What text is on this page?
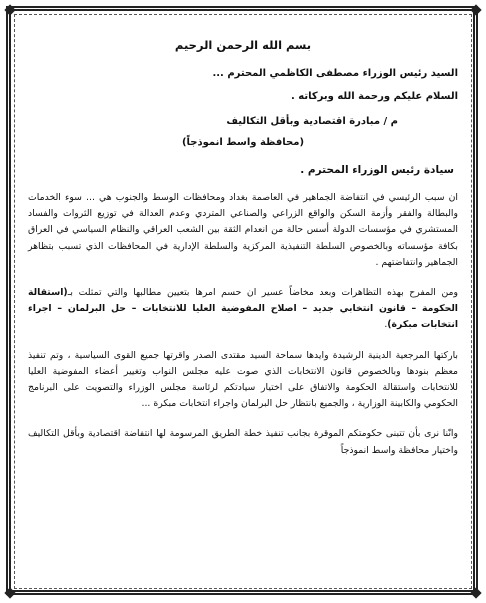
بسم الله الرحمن الرحيم
السيد رئيس الوزراء مصطفى الكاظمي المحترم ...
السلام عليكم ورحمة الله وبركاته .
م / مبادرة اقتصادية وبأقل التكاليف
(محافظة واسط انموذجاً)
سيادة رئيس الوزراء المحترم .

ان سبب الرئيسي في انتفاضة الجماهير في العاصمة بغداد ومحافظات الوسط والجنوب هي ... سوء الخدمات والبطالة والفقر وأزمة السكن والواقع الزراعي والصناعي المتردي وعدم العدالة في توزيع الثروات والفساد المستشري في مؤسسات الدولة أسس حالة من انعدام الثقة بين الشعب العراقي والنظام السياسي في العراق بكافة مؤسساته وبالخصوص السلطة التنفيذية المركزية والسلطة الإدارية في المحافظات الذي تسبب بتظاهر الجماهير وانتفاضتهم .

ومن المفرح بهذه التظاهرات وبعد مخاضاً عسير ان حسم امرها بتعيين مطالبها والتي تمثلت بـ(استقالة الحكومة – قانون انتخابي جديد – اصلاح المفوضية العليا للانتخابات – حل البرلمان – اجراء انتخابات مبكرة).

باركتها المرجعية الدينية الرشيدة وايدها سماحة السيد مقتدى الصدر واقرتها جميع القوى السياسية ، وتم تنفيذ معظم بنودها وبالخصوص قانون الانتخابات الذي صوت عليه مجلس النواب وتغيير أعضاء المفوضية العليا للانتخابات واستقالة الحكومة والاتفاق على اختيار سيادتكم لرئاسة مجلس الوزراء والتصويت على البرنامج الحكومي والكابينة الوزارية ، والجميع بانتظار حل البرلمان واجراء انتخابات مبكرة ...

وانّنا نرى بأن تتبنى حكومتكم الموقرة بجانب تنفيذ خطة الطريق المرسومة لها انتفاضة اقتصادية وبأقل التكاليف واختيار محافظة واسط انموذجاً
